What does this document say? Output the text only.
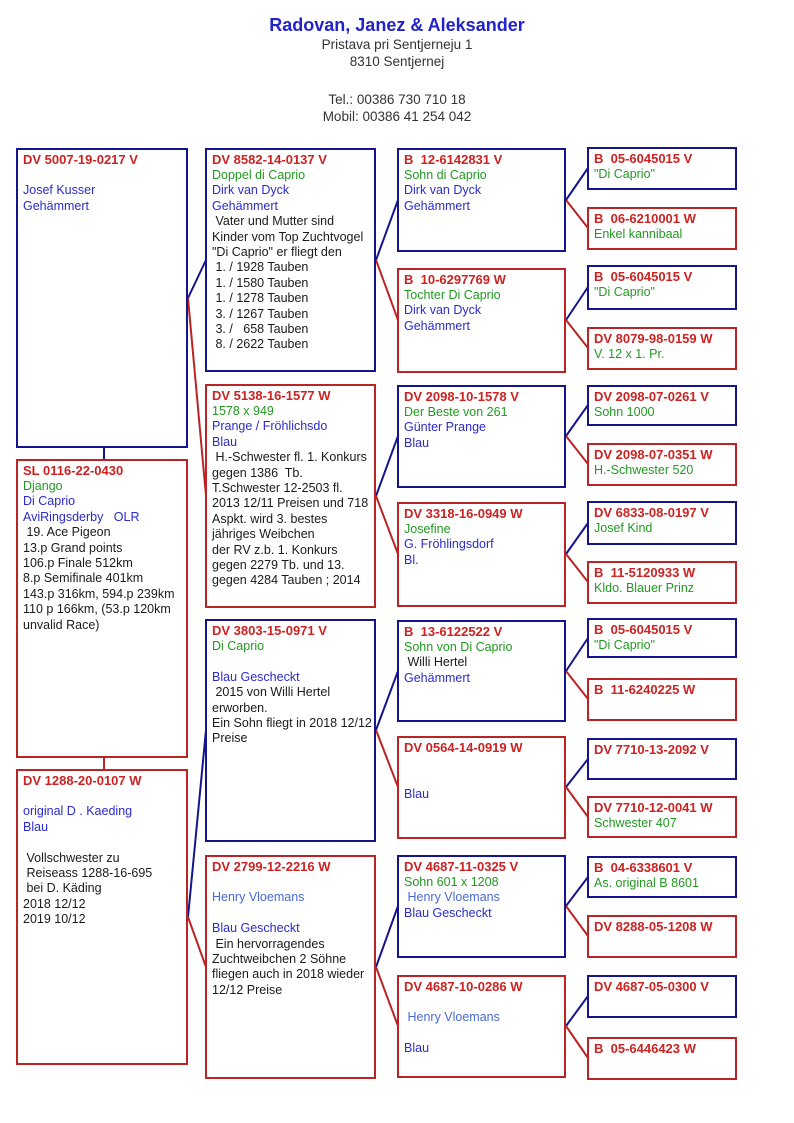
Radovan, Janez & Aleksander
Pristava pri Sentjerneju 1
8310 Sentjernej
Tel.: 00386 730 710 18
Mobil: 00386 41 254 042
DV 5007-19-0217 V

Josef Kusser
Gehämmert
SL 0116-22-0430
Django
Di Caprio
AviRingsderby   OLR
19. Ace Pigeon
13.p Grand points
106.p Finale 512km
8.p Semifinale 401km
143.p 316km, 594.p 239km
110 p 166km, (53.p 120km
unvalid Race)
DV 1288-20-0107 W

original D . Kaeding
Blau

Vollschwester zu
Reiseass 1288-16-695
bei D. Käding
2018 12/12
2019 10/12
DV 8582-14-0137 V
Doppel di Caprio
Dirk van Dyck
Gehämmert
Vater und Mutter sind
Kinder vom Top Zuchtvogel
"Di Caprio" er fliegt den
1. / 1928 Tauben
1. / 1580 Tauben
1. / 1278 Tauben
3. / 1267 Tauben
3. /   658 Tauben
8. / 2622 Tauben
DV 5138-16-1577 W
1578 x 949
Prange / Fröhlichsdo
Blau
H.-Schwester fl. 1. Konkurs
gegen 1386  Tb.
T.Schwester 12-2503 fl.
2013 12/11 Preisen und 718
Aspkt. wird 3. bestes
jähriges Weibchen
der RV z.b. 1. Konkurs
gegen 2279 Tb. und 13.
gegen 4284 Tauben ; 2014
DV 3803-15-0971 V
Di Caprio

Blau Gescheckt
2015 von Willi Hertel
erworben.
Ein Sohn fliegt in 2018 12/12
Preise
DV 2799-12-2216 W

Henry Vloemans

Blau Gescheckt
Ein hervorragendes
Zuchtweibchen 2 Söhne
fliegen auch in 2018 wieder
12/12 Preise
B  12-6142831 V
Sohn di Caprio
Dirk van Dyck
Gehämmert
B  10-6297769 W
Tochter Di Caprio
Dirk van Dyck
Gehämmert
DV 2098-10-1578 V
Der Beste von 261
Günter Prange
Blau
DV 3318-16-0949 W
Josefine
G. Fröhlingsdorf
Bl.
B  13-6122522 V
Sohn von Di Caprio
Willi Hertel
Gehämmert
DV 0564-14-0919 W

Blau
DV 4687-11-0325 V
Sohn 601 x 1208
Henry Vloemans
Blau Gescheckt
DV 4687-10-0286 W

Henry Vloemans

Blau
B  05-6045015 V
"Di Caprio"
B  06-6210001 W
Enkel kannibaal
B  05-6045015 V
"Di Caprio"
DV 8079-98-0159 W
V. 12 x 1. Pr.
DV 2098-07-0261 V
Sohn 1000
DV 2098-07-0351 W
H.-Schwester 520
DV 6833-08-0197 V
Josef Kind
B  11-5120933 W
Kldo. Blauer Prinz
B  05-6045015 V
"Di Caprio"
B  11-6240225 W
DV 7710-13-2092 V
DV 7710-12-0041 W
Schwester 407
B  04-6338601 V
As. original B 8601
DV 8288-05-1208 W
DV 4687-05-0300 V
B  05-6446423 W
